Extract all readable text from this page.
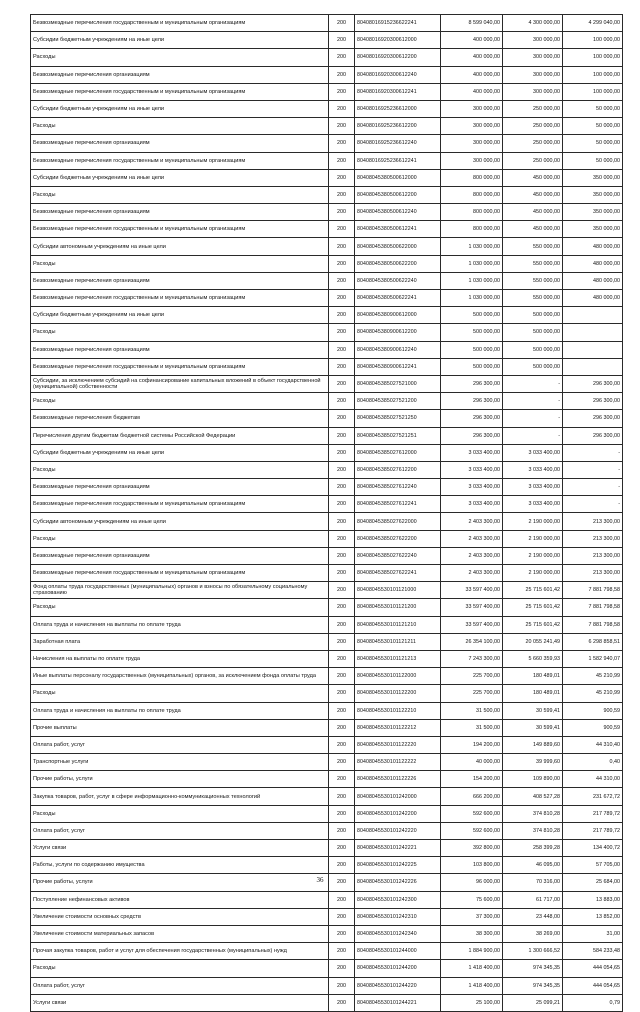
Безвозмездные перечисления государственным и муниципальным организациям	200	80408016915236622241	8 599 040,00	4 300 000,00	4 299 040,00
Субсидии бюджетным учреждениям на иные цели	200	80408016920300612000	400 000,00	300 000,00	100 000,00
Расходы	200	80408016920300612200	400 000,00	300 000,00	100 000,00
Безвозмездные перечисления организациям	200	80408016920300612240	400 000,00	300 000,00	100 000,00
Безвозмездные перечисления государственным и муниципальным организациям	200	80408016920300612241	400 000,00	300 000,00	100 000,00
Субсидии бюджетным учреждениям на иные цели	200	80408016925236612000	300 000,00	250 000,00	50 000,00
Расходы	200	80408016925236612200	300 000,00	250 000,00	50 000,00
Безвозмездные перечисления организациям	200	80408016925236612240	300 000,00	250 000,00	50 000,00
Безвозмездные перечисления государственным и муниципальным организациям	200	80408016925236612241	300 000,00	250 000,00	50 000,00
Субсидии бюджетным учреждениям на иные цели	200	80408045380500612000	800 000,00	450 000,00	350 000,00
Расходы	200	80408045380500612200	800 000,00	450 000,00	350 000,00
Безвозмездные перечисления организациям	200	80408045380500612240	800 000,00	450 000,00	350 000,00
Безвозмездные перечисления государственным и муниципальным организациям	200	80408045380500612241	800 000,00	450 000,00	350 000,00
Субсидии автономным учреждениям на иные цели	200	80408045380500622000	1 030 000,00	550 000,00	480 000,00
Расходы	200	80408045380500622200	1 030 000,00	550 000,00	480 000,00
Безвозмездные перечисления организациям	200	80408045380500622240	1 030 000,00	550 000,00	480 000,00
Безвозмездные перечисления государственным и муниципальным организациям	200	80408045380500622241	1 030 000,00	550 000,00	480 000,00
Субсидии бюджетным учреждениям на иные цели	200	80408045380900612000	500 000,00	500 000,00	
Расходы	200	80408045380900612200	500 000,00	500 000,00	
Безвозмездные перечисления организациям	200	80408045380900612240	500 000,00	500 000,00	
Безвозмездные перечисления государственным и муниципальным организациям	200	80408045380900612241	500 000,00	500 000,00	
Субсидии, за исключением субсидий на софинансирование капитальных вложений в объект государственной (муниципальной) собственности	200	80408045385027521000	296 300,00	-	296 300,00
Расходы	200	80408045385027521200	296 300,00	-	296 300,00
Безвозмездные перечисления бюджетам	200	80408045385027521250	296 300,00	-	296 300,00
Перечисления другим бюджетам бюджетной системы Российской Федерации	200	80408045385027521251	296 300,00	-	296 300,00
Субсидии бюджетным учреждениям на иные цели	200	80408045385027612000	3 033 400,00	3 033 400,00	-
Расходы	200	80408045385027612200	3 033 400,00	3 033 400,00	-
Безвозмездные перечисления организациям	200	80408045385027612240	3 033 400,00	3 033 400,00	-
Безвозмездные перечисления государственным и муниципальным организациям	200	80408045385027612241	3 033 400,00	3 033 400,00	-
Субсидии автономным учреждениям на иные цели	200	80408045385027622000	2 403 300,00	2 190 000,00	213 300,00
Расходы	200	80408045385027622200	2 403 300,00	2 190 000,00	213 300,00
Безвозмездные перечисления организациям	200	80408045385027622240	2 403 300,00	2 190 000,00	213 300,00
Безвозмездные перечисления государственным и муниципальным организациям	200	80408045385027622241	2 403 300,00	2 190 000,00	213 300,00
Фонд оплаты труда государственных (муниципальных) органов и взносы по обязательному социальному страхованию	200	80408045530101121000	33 597 400,00	25 715 601,42	7 881 798,58
Расходы	200	80408045530101121200	33 597 400,00	25 715 601,42	7 881 798,58
Оплата труда и начисления на выплаты по оплате труда	200	80408045530101121210	33 597 400,00	25 715 601,42	7 881 798,58
Заработная плата	200	80408045530101121211	26 354 100,00	20 055 241,49	6 298 858,51
Начисления на выплаты по оплате труда	200	80408045530101121213	7 243 300,00	5 660 359,93	1 582 940,07
Иные выплаты персоналу государственных (муниципальных) органов, за исключением фонда оплаты труда	200	80408045530101122000	225 700,00	180 489,01	45 210,99
Расходы	200	80408045530101122200	225 700,00	180 489,01	45 210,99
Оплата труда и начисления на выплаты по оплате труда	200	80408045530101122210	31 500,00	30 599,41	900,59
Прочие выплаты	200	80408045530101122212	31 500,00	30 599,41	900,59
Оплата работ, услуг	200	80408045530101122220	194 200,00	149 889,60	44 310,40
Транспортные услуги	200	80408045530101122222	40 000,00	39 999,60	0,40
Прочие работы, услуги	200	80408045530101122226	154 200,00	109 890,00	44 310,00
Закупка товаров, работ, услуг в сфере информационно-коммуникационных технологий	200	80408045530101242000	666 200,00	408 527,28	231 672,72
Расходы	200	80408045530101242200	592 600,00	374 810,28	217 789,72
Оплата работ, услуг	200	80408045530101242220	592 600,00	374 810,28	217 789,72
Услуги связи	200	80408045530101242221	392 800,00	258 399,28	134 400,72
Работы, услуги по содержанию имущества	200	80408045530101242225	103 800,00	46 095,00	57 705,00
Прочие работы, услуги	200	80408045530101242226	96 000,00	70 316,00	25 684,00
Поступление нефинансовых активов	200	80408045530101242300	75 600,00	61 717,00	13 883,00
Увеличение стоимости основных средств	200	80408045530101242310	37 300,00	23 448,00	13 852,00
Увеличение стоимости материальных запасов	200	80408045530101242340	38 300,00	38 269,00	31,00
Прочая закупка товаров, работ и услуг для обеспечения государственных (муниципальных) нужд	200	80408045530101244000	1 884 900,00	1 300 666,52	584 233,48
Расходы	200	80408045530101244200	1 418 400,00	974 345,35	444 054,65
Оплата работ, услуг	200	80408045530101244220	1 418 400,00	974 345,35	444 054,65
Услуги связи	200	80408045530101244221	25 100,00	25 099,21	0,79
36
